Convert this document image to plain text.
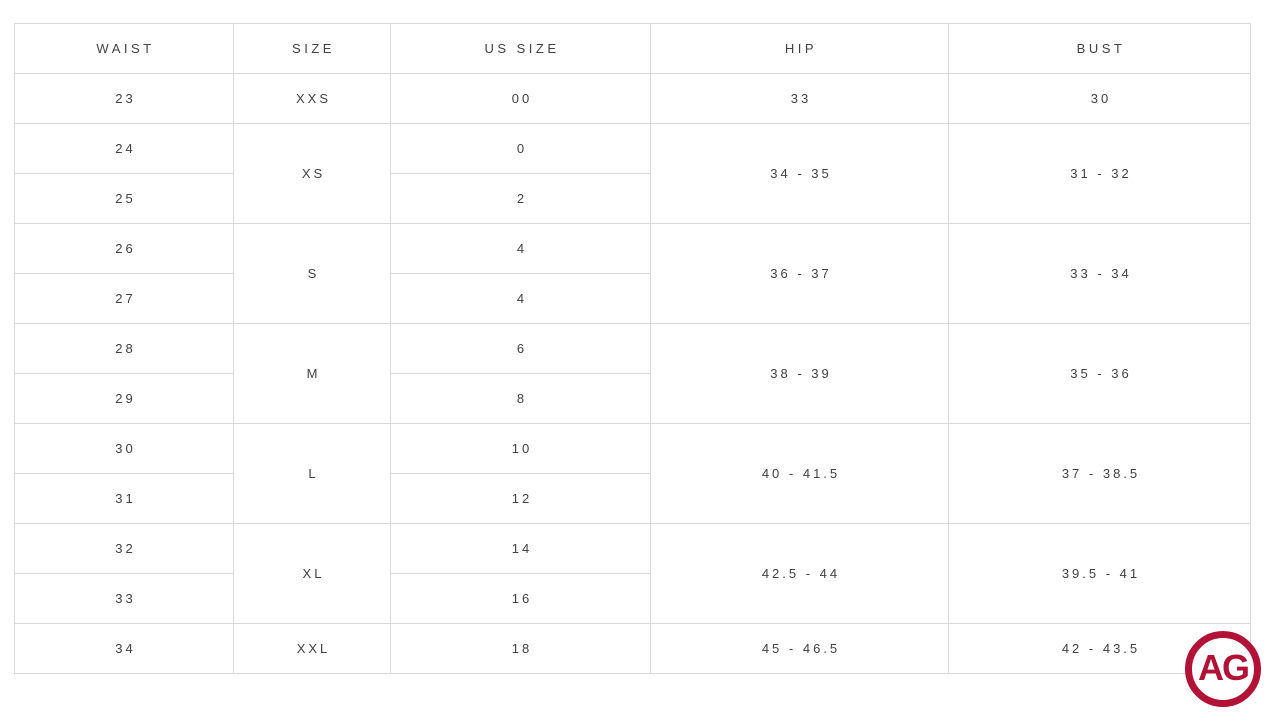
WAIST	SIZE	US SIZE	HIP	BUST
23	XXS	00	33	30
24	XS	0	34 - 35	31 - 32
25		2		
26	S	4	36 - 37	33 - 34
27		4		
28	M	6	38 - 39	35 - 36
29		8		
30	L	10	40 - 41.5	37 - 38.5
31		12		
32	XL	14	42.5 - 44	39.5 - 41
33		16		
34	XXL	18	45 - 46.5	42 - 43.5 AG
